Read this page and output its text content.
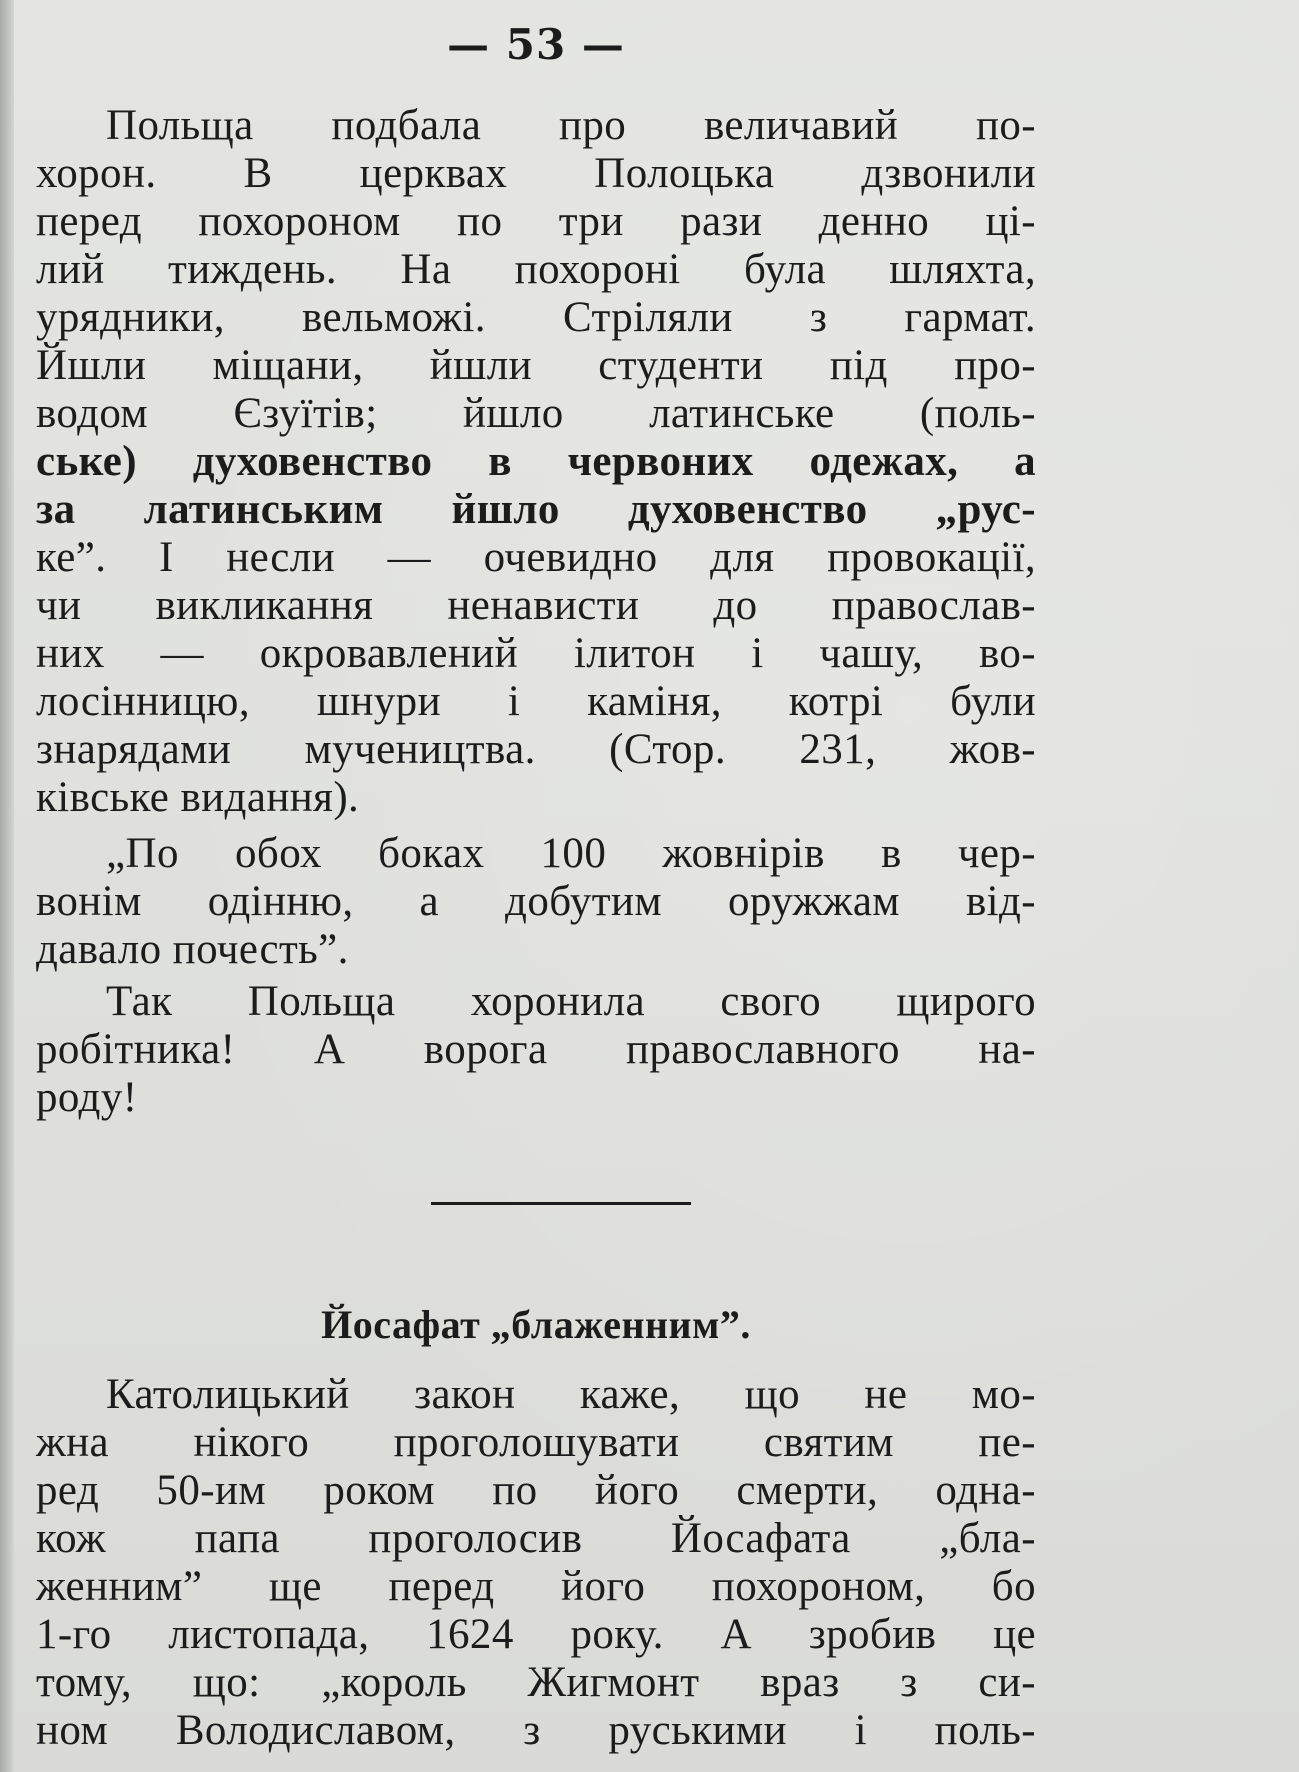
— 53 —

Польща подбала про величавий по-
хорон. В церквах Полоцька дзвонили
перед похороном по три рази денно ці-
лий тиждень. На похороні була шляхта,
урядники, вельможі. Стріляли з гармат.
Йшли міщани, йшли студенти під про-
водом Єзуїтів; йшло латинське (поль-
ське) духовенство в червоних одежах, а
за латинським йшло духовенство „рус-
ке”. І несли — очевидно для провокації,
чи викликання ненависти до православ-
них — окровавлений ілитон і чашу, во-
лосінницю, шнури і каміня, котрі були
знарядами мучеництва. (Стор. 231, жов-
ківське видання).

„По обох боках 100 жовнірів в чер-
вонім одінню, а добутим оружжам від-
давало почесть”.

Так Польща хоронила свого щирого
робітника! А ворога православного на-
роду!

Йосафат „блаженним”.

Католицький закон каже, що не мо-
жна нікого проголошувати святим пе-
ред 50-им роком по його смерти, одна-
кож папа проголосив Йосафата „бла-
женним” ще перед його похороном, бо
1-го листопада, 1624 року. А зробив це
тому, що: „король Жигмонт враз з си-
ном Володиславом, з руськими і поль-
